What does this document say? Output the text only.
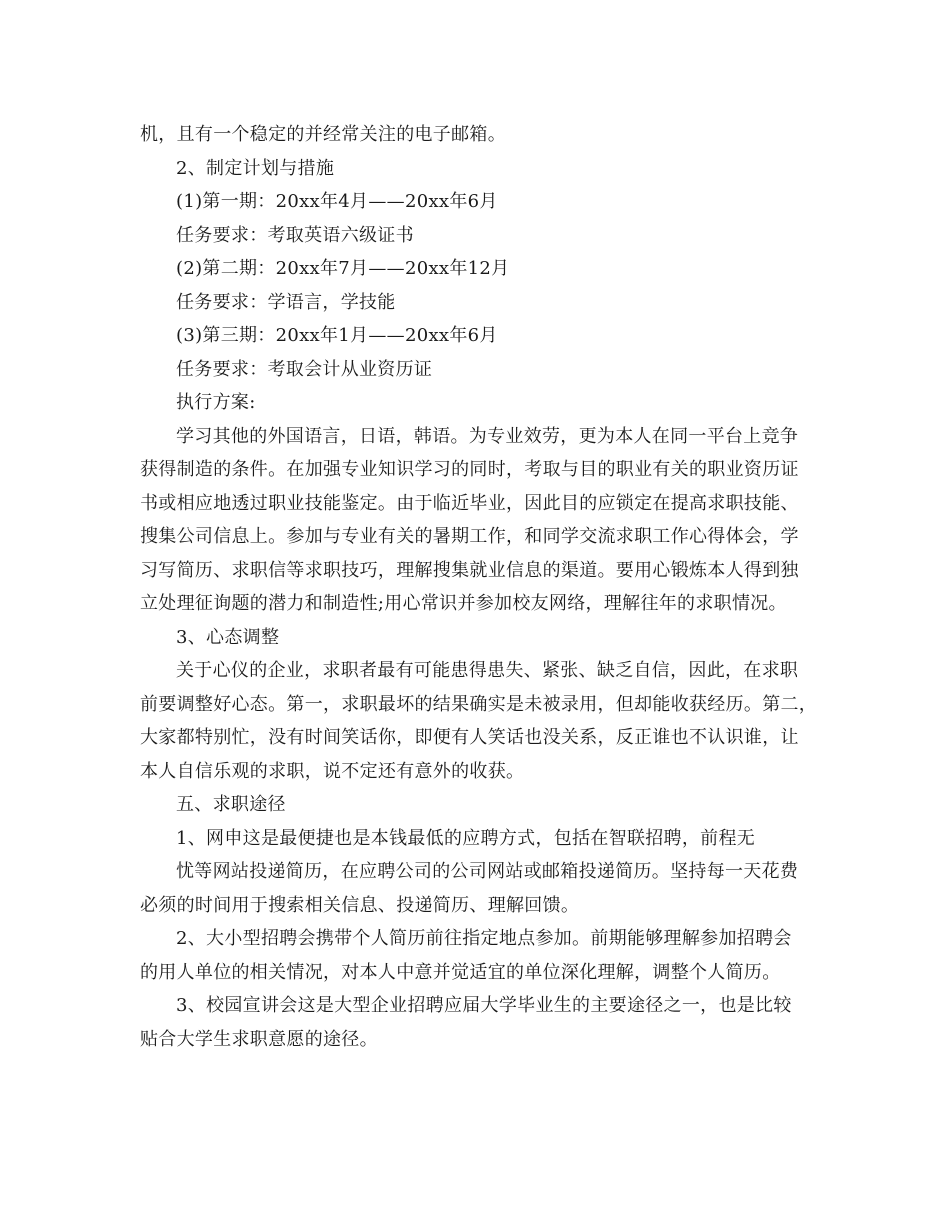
机，且有一个稳定的并经常关注的电子邮箱。
2、制定计划与措施
(1)第一期：20xx年4月——20xx年6月
任务要求：考取英语六级证书
(2)第二期：20xx年7月——20xx年12月
任务要求：学语言，学技能
(3)第三期：20xx年1月——20xx年6月
任务要求：考取会计从业资历证
执行方案:
学习其他的外国语言，日语，韩语。为专业效劳，更为本人在同一平台上竞争
获得制造的条件。在加强专业知识学习的同时，考取与目的职业有关的职业资历证
书或相应地透过职业技能鉴定。由于临近毕业，因此目的应锁定在提高求职技能、
搜集公司信息上。参加与专业有关的暑期工作，和同学交流求职工作心得体会，学
习写简历、求职信等求职技巧，理解搜集就业信息的渠道。要用心锻炼本人得到独
立处理征询题的潜力和制造性;用心常识并参加校友网络，理解往年的求职情况。
3、心态调整
关于心仪的企业，求职者最有可能患得患失、紧张、缺乏自信，因此，在求职
前要调整好心态。第一，求职最坏的结果确实是未被录用，但却能收获经历。第二，
大家都特别忙，没有时间笑话你，即便有人笑话也没关系，反正谁也不认识谁，让
本人自信乐观的求职，说不定还有意外的收获。
五、求职途径
1、网申这是最便捷也是本钱最低的应聘方式，包括在智联招聘，前程无
忧等网站投递简历，在应聘公司的公司网站或邮箱投递简历。坚持每一天花费
必须的时间用于搜索相关信息、投递简历、理解回馈。
2、大小型招聘会携带个人简历前往指定地点参加。前期能够理解参加招聘会
的用人单位的相关情况，对本人中意并觉适宜的单位深化理解，调整个人简历。
3、校园宣讲会这是大型企业招聘应届大学毕业生的主要途径之一，也是比较
贴合大学生求职意愿的途径。
